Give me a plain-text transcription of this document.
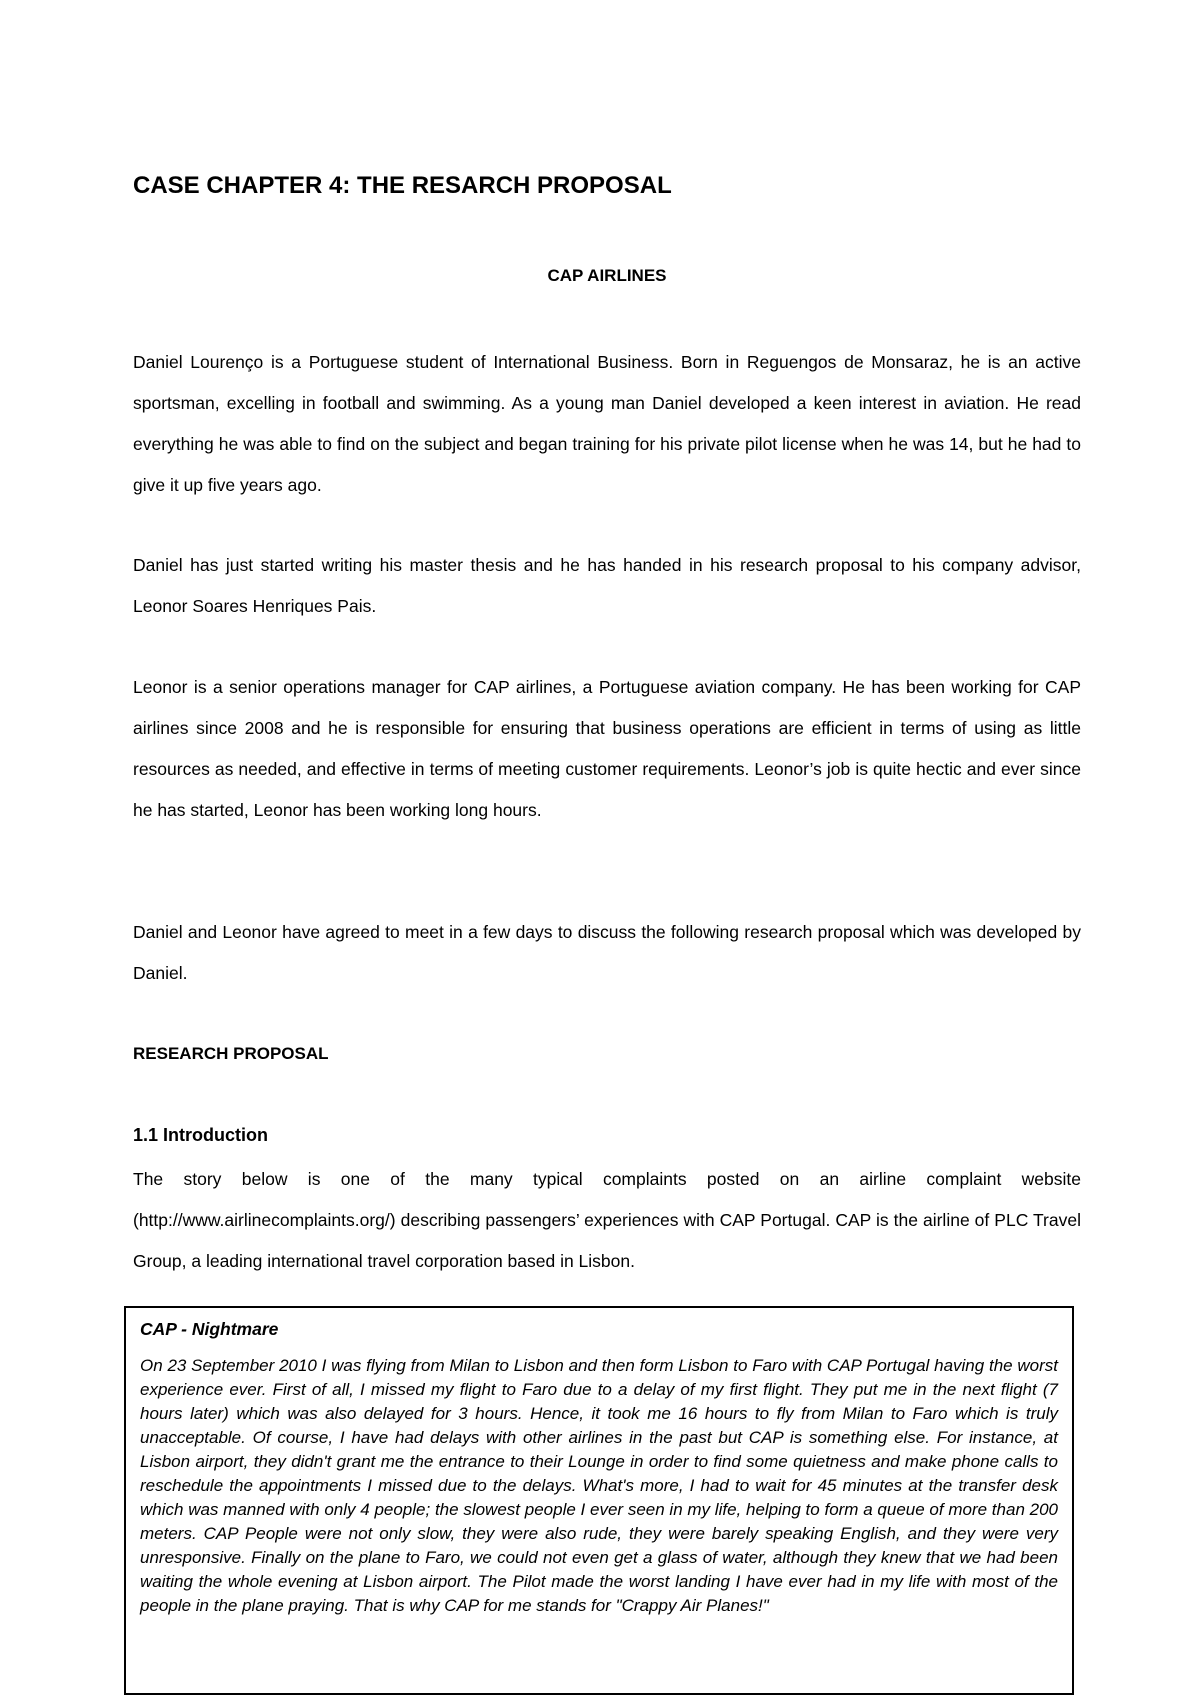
CASE CHAPTER 4: THE RESARCH PROPOSAL
CAP AIRLINES

Daniel Lourenço is a Portuguese student of International Business. Born in Reguengos de Monsaraz, he is an active sportsman, excelling in football and swimming. As a young man Daniel developed a keen interest in aviation. He read everything he was able to find on the subject and began training for his private pilot license when he was 14, but he had to give it up five years ago.

Daniel has just started writing his master thesis and he has handed in his research proposal to his company advisor, Leonor Soares Henriques Pais.

Leonor is a senior operations manager for CAP airlines, a Portuguese aviation company. He has been working for CAP airlines since 2008 and he is responsible for ensuring that business operations are efficient in terms of using as little resources as needed, and effective in terms of meeting customer requirements. Leonor’s job is quite hectic and ever since he has started, Leonor has been working long hours.

Daniel and Leonor have agreed to meet in a few days to discuss the following research proposal which was developed by Daniel.

RESEARCH PROPOSAL
1.1 Introduction

The story below is one of the many typical complaints posted on an airline complaint website (http://www.airlinecomplaints.org/) describing passengers’ experiences with CAP Portugal. CAP is the airline of PLC Travel Group, a leading international travel corporation based in Lisbon.

CAP - Nightmare

On 23 September 2010 I was flying from Milan to Lisbon and then form Lisbon to Faro with CAP Portugal having the worst experience ever. First of all, I missed my flight to Faro due to a delay of my first flight. They put me in the next flight (7 hours later) which was also delayed for 3 hours. Hence, it took me 16 hours to fly from Milan to Faro which is truly unacceptable. Of course, I have had delays with other airlines in the past but CAP is something else. For instance, at Lisbon airport, they didn't grant me the entrance to their Lounge in order to find some quietness and make phone calls to reschedule the appointments I missed due to the delays. What's more, I had to wait for 45 minutes at the transfer desk which was manned with only 4 people; the slowest people I ever seen in my life, helping to form a queue of more than 200 meters. CAP People were not only slow, they were also rude, they were barely speaking English, and they were very unresponsive. Finally on the plane to Faro, we could not even get a glass of water, although they knew that we had been waiting the whole evening at Lisbon airport. The Pilot made the worst landing I have ever had in my life with most of the people in the plane praying. That is why CAP for me stands for "Crappy Air Planes!"
